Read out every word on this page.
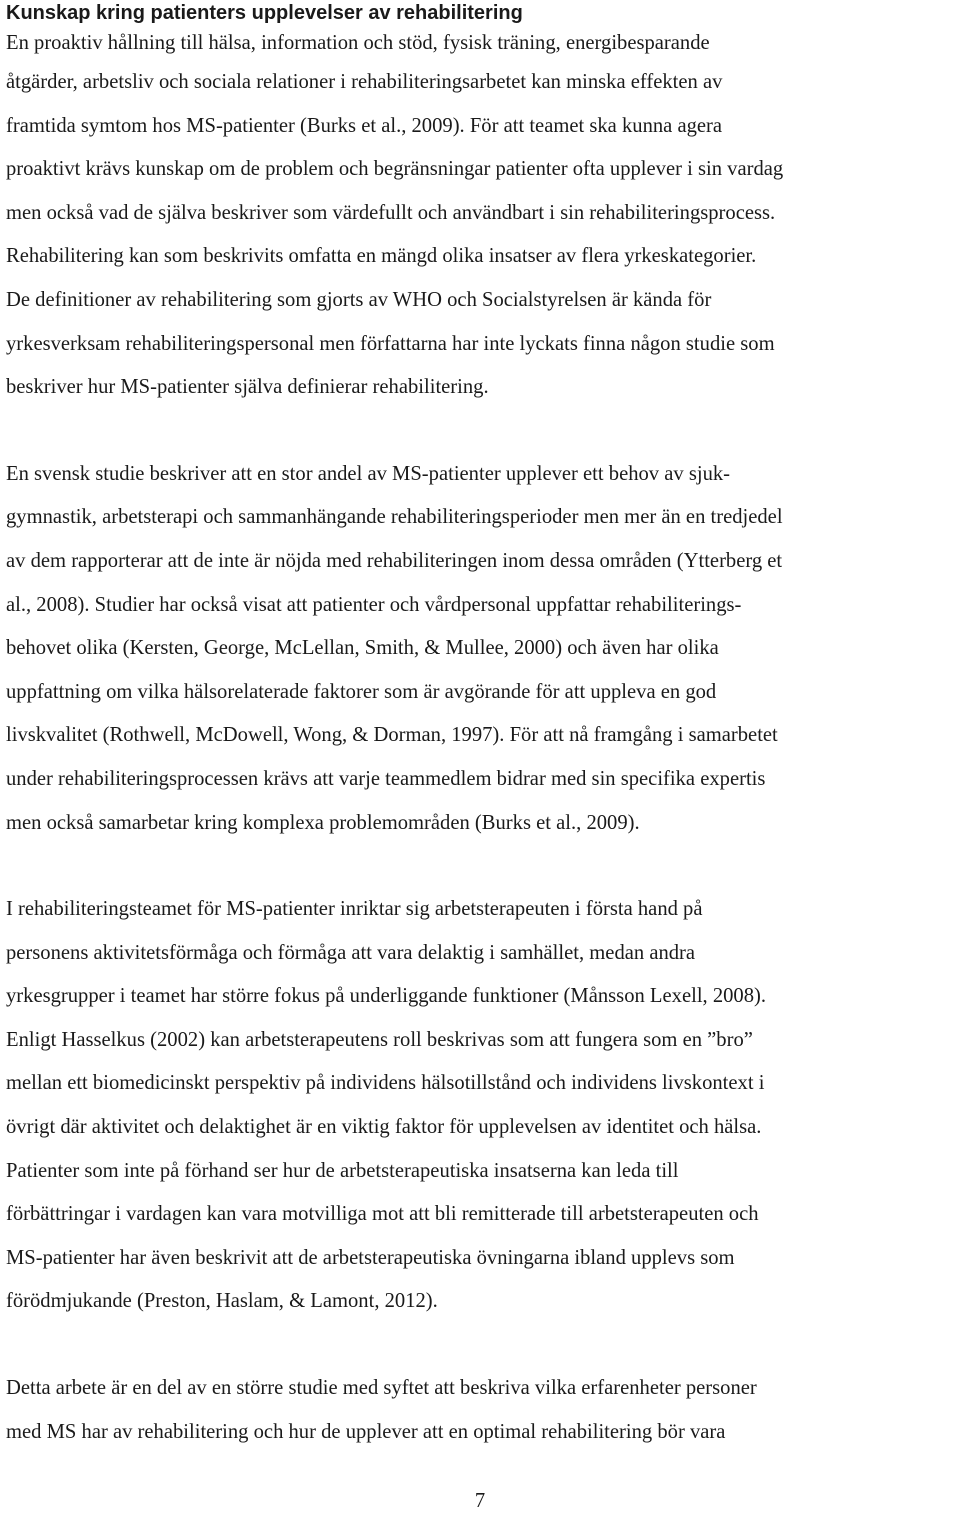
Kunskap kring patienters upplevelser av rehabilitering
En proaktiv hållning till hälsa, information och stöd, fysisk träning, energibesparande
åtgärder, arbetsliv och sociala relationer i rehabiliteringsarbetet kan minska effekten av
framtida symtom hos MS-patienter (Burks et al., 2009). För att teamet ska kunna agera
proaktivt krävs kunskap om de problem och begränsningar patienter ofta upplever i sin vardag
men också vad de själva beskriver som värdefullt och användbart i sin rehabiliteringsprocess.
Rehabilitering kan som beskrivits omfatta en mängd olika insatser av flera yrkeskategorier.
De definitioner av rehabilitering som gjorts av WHO och Socialstyrelsen är kända för
yrkesverksam rehabiliteringspersonal men författarna har inte lyckats finna någon studie som
beskriver hur MS-patienter själva definierar rehabilitering.
En svensk studie beskriver att en stor andel av MS-patienter upplever ett behov av sjuk-
gymnastik, arbetsterapi och sammanhängande rehabiliteringsperioder men mer än en tredjedel
av dem rapporterar att de inte är nöjda med rehabiliteringen inom dessa områden (Ytterberg et
al., 2008). Studier har också visat att patienter och vårdpersonal uppfattar rehabiliterings-
behovet olika (Kersten, George, McLellan, Smith, & Mullee, 2000) och även har olika
uppfattning om vilka hälsorelaterade faktorer som är avgörande för att uppleva en god
livskvalitet (Rothwell, McDowell, Wong, & Dorman, 1997). För att nå framgång i samarbetet
under rehabiliteringsprocessen krävs att varje teammedlem bidrar med sin specifika expertis
men också samarbetar kring komplexa problemområden (Burks et al., 2009).
I rehabiliteringsteamet för MS-patienter inriktar sig arbetsterapeuten i första hand på
personens aktivitetsförmåga och förmåga att vara delaktig i samhället, medan andra
yrkesgrupper i teamet har större fokus på underliggande funktioner (Månsson Lexell, 2008).
Enligt Hasselkus (2002) kan arbetsterapeutens roll beskrivas som att fungera som en ”bro”
mellan ett biomedicinskt perspektiv på individens hälsotillstånd och individens livskontext i
övrigt där aktivitet och delaktighet är en viktig faktor för upplevelsen av identitet och hälsa.
Patienter som inte på förhand ser hur de arbetsterapeutiska insatserna kan leda till
förbättringar i vardagen kan vara motvilliga mot att bli remitterade till arbetsterapeuten och
MS-patienter har även beskrivit att de arbetsterapeutiska övningarna ibland upplevs som
förödmjukande (Preston, Haslam, & Lamont, 2012).
Detta arbete är en del av en större studie med syftet att beskriva vilka erfarenheter personer
med MS har av rehabilitering och hur de upplever att en optimal rehabilitering bör vara
7
